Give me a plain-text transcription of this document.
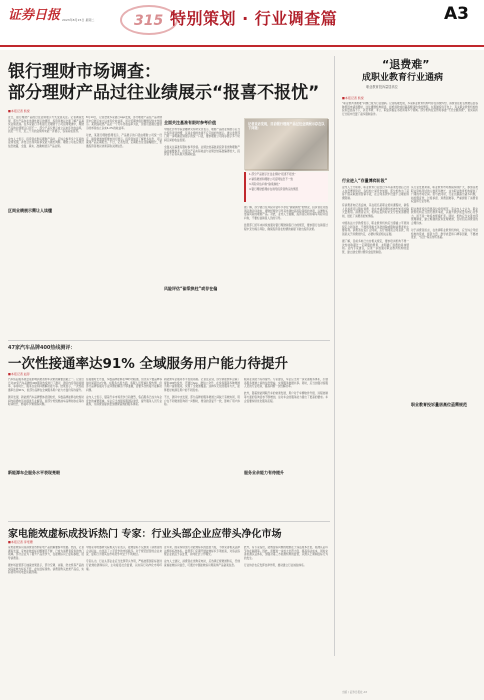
证券日报 2023年8月15日 星期二	315 特别策划 · 行业调查篇	A3
银行理财市场调查：
部分理财产品过往业绩展示“报喜不报忧”
■本报记者 熊悦
近日，银行理财产品的过往业绩展示方式受到关注。记者调查发现，部分产品存在选择性展示的情况，投资者难以全面了解产品真实业绩表现。在多家银行手机银行及理财子公司官网渠道中，理财产品的业绩展示口径不一，部分产品仅展示成立以来年化收益率，而近一个月、近三个月的业绩却未能一并展示，容易造成误导。

业内人士表示，投资者在购买理财产品时，应综合参考多个区间的业绩表现，并结合自身风险承受能力做出判断。理财公司也应规范信息披露，全面、真实、准确地展示产品业绩。
区间业绩展示需让人读懂
8月14日，记者登录多家银行App发现，部分理财产品在产品详情页中仅展示成立以来年化收益率，而对近期净值回撤情况则未作提示。某款固收类产品近一个月年化收益率为负，但首页显眼位置展示的却是成立以来4.2%的收益率。

对此，某银行理财经理表示，产品展示的口径由理财公司统一设定，销售渠道按照要求进行展示。投资者如需了解更多信息，可以查阅产品定期报告。不过，记者发现，定期报告往往篇幅较长，普通投资者难以快速获取关键信息。
中国社会科学院金融研究所研究员表示，理财产品的业绩展示应当让投资者读得懂，区间业绩的选择不应只挑好的展示。建议监管部门进一步明确业绩展示的统一口径，要求理财公司同步展示多个时间区间的收益表现。

全面关注基准有限时参考价值。业绩比较基准是投资者选购理财产品的重要参考，但部分产品实际收益与业绩比较基准偏离较大，投资者不应将其视为预期收益。
全面关注基准有限时参考价值
风险评估“偷梁换柱”或存在偏
记者采访发现，目前银行理财产品过往业绩展示存在以下问题：
1.部分产品展示过往业绩时“报喜不报忧”
2.销售渠道和理财公司官网信息不一致
3.风险评估问卷“偷梁换柱”
4.银行理财经理存在诱导投资者购买的情况
据了解，部分银行在风险评估环节存在“偷梁换柱”的情况，投资者在完成风险测评问卷时，理财经理会引导其选择较高风险等级的选项，以便购买更高风险的理财产品。对此，业内人士提醒，投资者应如实填写风险评估问卷，不要轻信销售人员的引导。

监管部门近年来持续加强对银行理财销售行为的规范，要求银行在销售过程中充分揭示风险，确保投资者在知情的前提下做出投资决策。
“退费难”
成职业教育行业通病
职业教育投诉量居高位
■本报记者 熊悦
“职业教育退费难”问题已成为行业通病。记者梳理发现，多家职业教育机构均存在退费纠纷，消费者在报名缴费后因各种原因申请退费时，往往遭遇机构拖延、拒绝退款或扣除高额违约金的情况。在黑猫投诉平台上，有关职业教育机构的投诉量居高不下，涉及考研、考公、职业资格证书培训等多个领域。部分机构在宣传时承诺“不过全额退费”，但实际执行过程中设置了诸多限制条件。
行业进入“存量博弈阶段”
业内人士分析称，职业教育行业经过多年高速发展后已进入存量博弈阶段，各机构之间竞争加剧，部分机构为了获客不惜采取激进营销手段，在合同条款中设置不合理的退费限制。

有消费者向记者反映，其在报名某职业培训课程时，销售人员承诺可以随时退费，但在申请退费时却被告知需扣除大量费用。消费者认为，机构在签约时未充分告知退费规则，侵犯了消费者的知情权。

中国政法大学教授表示，职业教育机构应当遵循公平原则拟定合同条款，不得利用格式条款排除或限制消费者的主要权利。消费者在签订合同前，应仔细阅读合同条款，特别是关于退费的约定，必要时保留相关证据。

据了解，目前多地已出台相关规定，要求培训机构不得一次性收取超过一定期限的费用，并明确了退费的具体规则。业内专家建议，应进一步加强对职业教育机构的监管，建立健全预付费资金监管制度。
从行业发展来看，职业教育市场规模持续扩大，参加各类职业资格考试的人数逐年增长，这为职业教育机构提供了广阔的市场空间。但与此同时，行业也暴露出诸多问题，如虚假宣传、过度承诺、退费困难等，严重损害了消费者权益和行业形象。

职业教育投诉量居高位亟需规范。有业内人士认为，职业教育机构应当回归教育本质，以提升教学质量为核心竞争力，而不是一味追求规模扩张。同时，机构应当完善内部管理制度，建立畅通的投诉处理渠道，及时回应消费者的合理诉求。

对于消费者而言，在选择职业教育机构时，应当综合考虑机构的资质、师资力量、教学质量和口碑等因素，不要被低价、“包过”等宣传所迷惑。
职业教育投诉量居高位亟需规范
47家汽车品牌400热线测评：
一次性接通率达91% 全域服务用户能力待提升
■本报记者 赵彤
汽车售后服务质量是影响消费者购车决策的重要因素之一。记者近日对47家汽车品牌的400服务热线进行了测评，测评内容包括接通率、等待时长、服务态度和问题解决能力等。结果显示，一次性接通率达到91%，但部分品牌在全域服务用户能力方面仍有待提升。

测评发现，新能源汽车品牌整体表现较好，多数品牌能够在较短时间内接通电话并提供专业解答。而部分传统燃油车品牌则存在等待时间较长、转接环节繁琐等问题。
新能源车企服务水平表现亮眼
在接通时长方面，多数品牌能够在30秒内接通，但也有少数品牌等待时间超过2分钟。在服务态度方面，客服人员普遍礼貌热情，但部分品牌客服对专业问题的解答不够准确，需要多次转接才能解决问题。

业内人士表示，随着汽车市场竞争日趋激烈，售后服务已成为车企竞争的重要领域。车企应当加强客服团队建设，提升服务人员专业素养，为消费者提供更加便捷高效的服务体验。
新能源车企服务水平表现亮眼。记者注意到，部分新能源车企除了提供400热线外，还通过App、微信公众号、在线客服等多种渠道为用户提供服务，实现了全渠道覆盖。这种多元化的服务方式，能够更好地满足用户的不同需求。

不过，测评中也发现，部分品牌的服务渠道之间缺乏有效协同，用户在不同渠道咨询同一问题时，得到的答复不一致，影响了用户体验。
服务业余能力有待提升。专家建议，车企应当进一步完善服务体系，打通各服务渠道之间的信息壁垒，实现服务数据共享。同时，应当加强对客服人员的专业培训，提高问题一次性解决率。

此外，随着智能网联汽车的快速发展，用户对于车辆软件升级、远程控制等方面的咨询需求不断增加，这对车企的服务能力提出了更高的要求。车企需要持续优化服务流程。
服务业余能力有待提升
家电能效虚标成投诉热门 专家：行业头部企业应带头净化市场
■本报记者 李雯珊
家电能效标识是消费者选购家电产品的重要参考依据。然而，记者调查发现，家电能效虚标问题屡见不鲜，已成为消费者投诉的热门领域。部分企业为了提升产品竞争力，在能效标识上虚标参数，误导消费者。

据市场监管部门抽查结果显示，部分空调、冰箱、洗衣机等产品的实际能效与标识不符，存在虚标现象。消费者购买此类产品后，实际使用中耗电量远超预期。
中国家用电器研究院相关专家表示，能效虚标不仅损害了消费者的合法权益，也扰乱了公平竞争的市场秩序。对于规范经营的企业来说，虚标行为使其在市场竞争中处于不利地位。

专家认为，行业头部企业应当发挥带头作用，严格按照国家标准进行能效检测和标识，主动接受社会监督，以实际行动净化市场环境。
近年来，国家持续加大对能效标识的监管力度，不断完善相关法律法规和标准体系。监管部门定期开展能效标识专项检查，对违法违规企业依法予以处罚，并向社会公开曝光。

业内人士建议，消费者在选购家电时，应选择正规渠道购买，仔细查看能效标识信息，可通过中国能效标识网查询产品备案信息。
此外，有专家指出，能效虚标问题的根源在于违法成本过低、检测认证环节存在漏洞等。因此，需要进一步加大处罚力度，提高违法成本，同时完善检测认证体系，加强对第三方检测机构的监管，从源头上遏制虚标行为的发生。

行业协会也应发挥自律作用，推动建立行业诚信体系。
出版 / 证券日报社 A3
